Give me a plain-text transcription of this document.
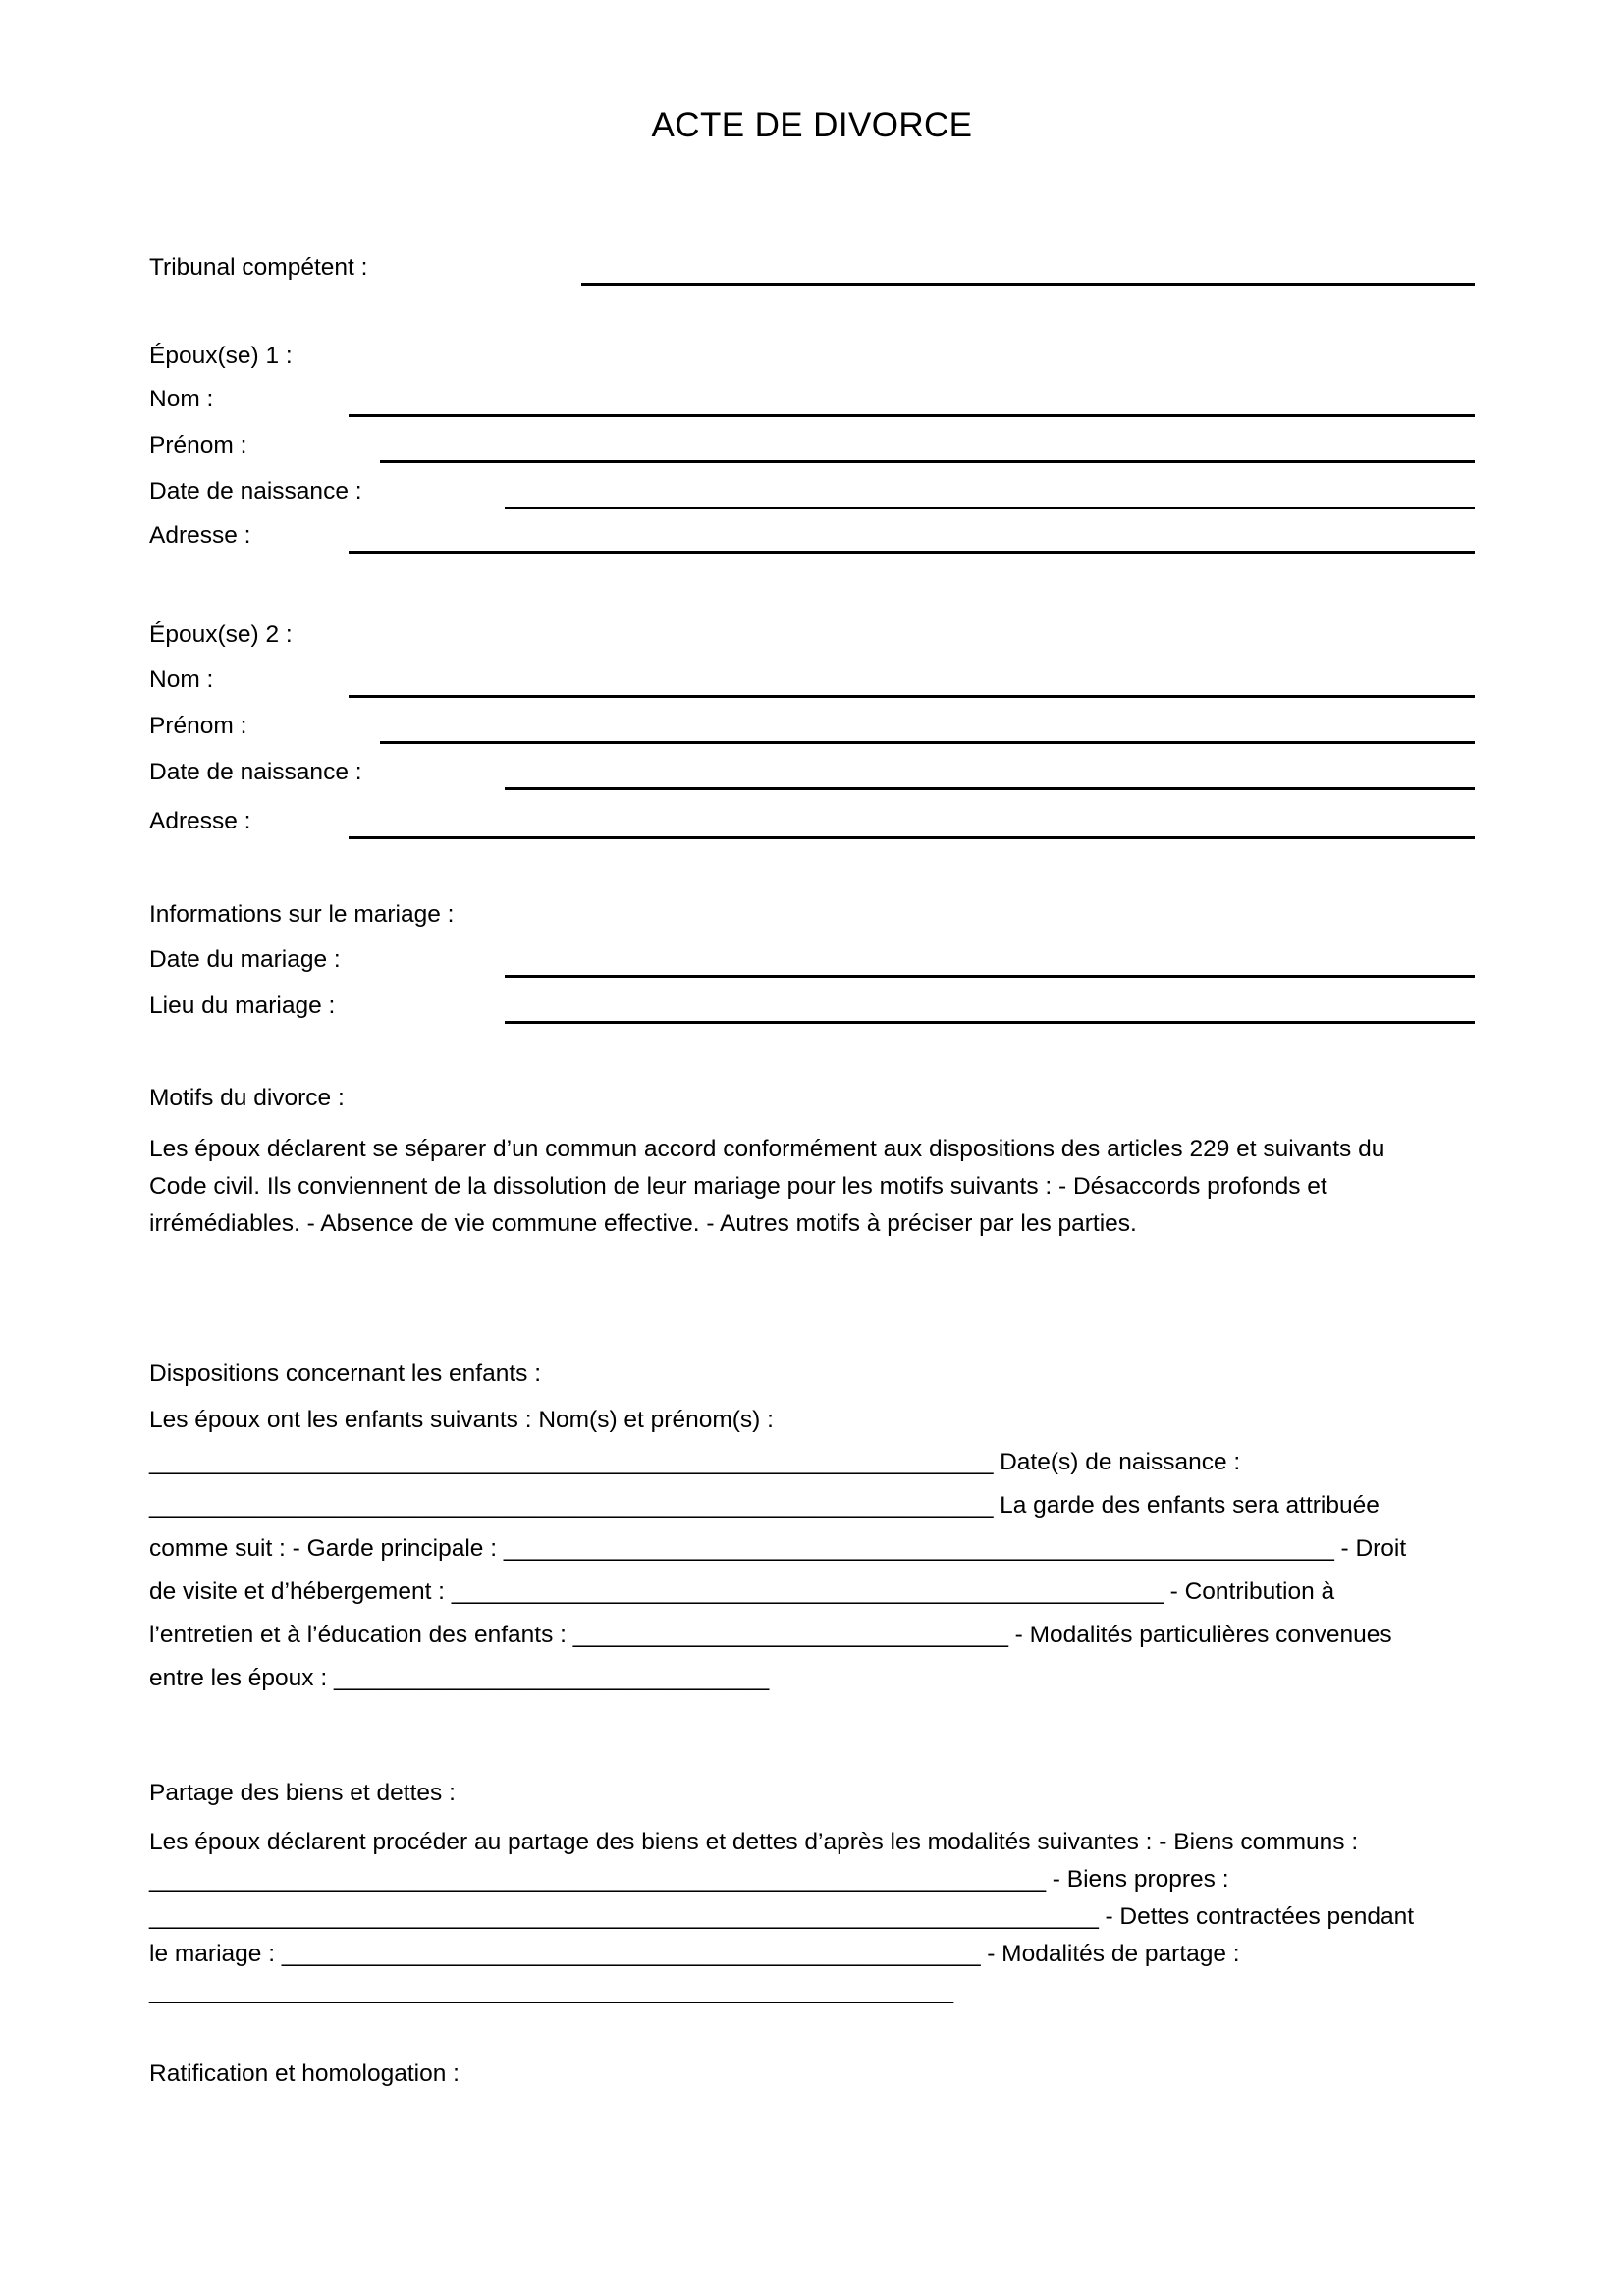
ACTE DE DIVORCE
Tribunal compétent :
Époux(se) 1 :
Nom :
Prénom :
Date de naissance :
Adresse :
Époux(se) 2 :
Nom :
Prénom :
Date de naissance :
Adresse :
Informations sur le mariage :
Date du mariage :
Lieu du mariage :
Motifs du divorce :
Les époux déclarent se séparer d’un commun accord conformément aux dispositions des articles 229 et suivants du Code civil. Ils conviennent de la dissolution de leur mariage pour les motifs suivants : - Désaccords profonds et irrémédiables. - Absence de vie commune effective. - Autres motifs à préciser par les parties.
Dispositions concernant les enfants :
Les époux ont les enfants suivants : Nom(s) et prénom(s) :
________________________________________________________________ Date(s) de naissance : ________________________________________________________________ La garde des enfants sera attribuée comme suit : - Garde principale : _______________________________________________________________ - Droit de visite et d’hébergement : ______________________________________________________ - Contribution à l’entretien et à l’éducation des enfants : _________________________________ - Modalités particulières convenues entre les époux : _________________________________
Partage des biens et dettes :
Les époux déclarent procéder au partage des biens et dettes d’après les modalités suivantes : - Biens communs : ____________________________________________________________________ - Biens propres : ________________________________________________________________________ - Dettes contractées pendant le mariage : _____________________________________________________ - Modalités de partage : _____________________________________________________________
Ratification et homologation :
